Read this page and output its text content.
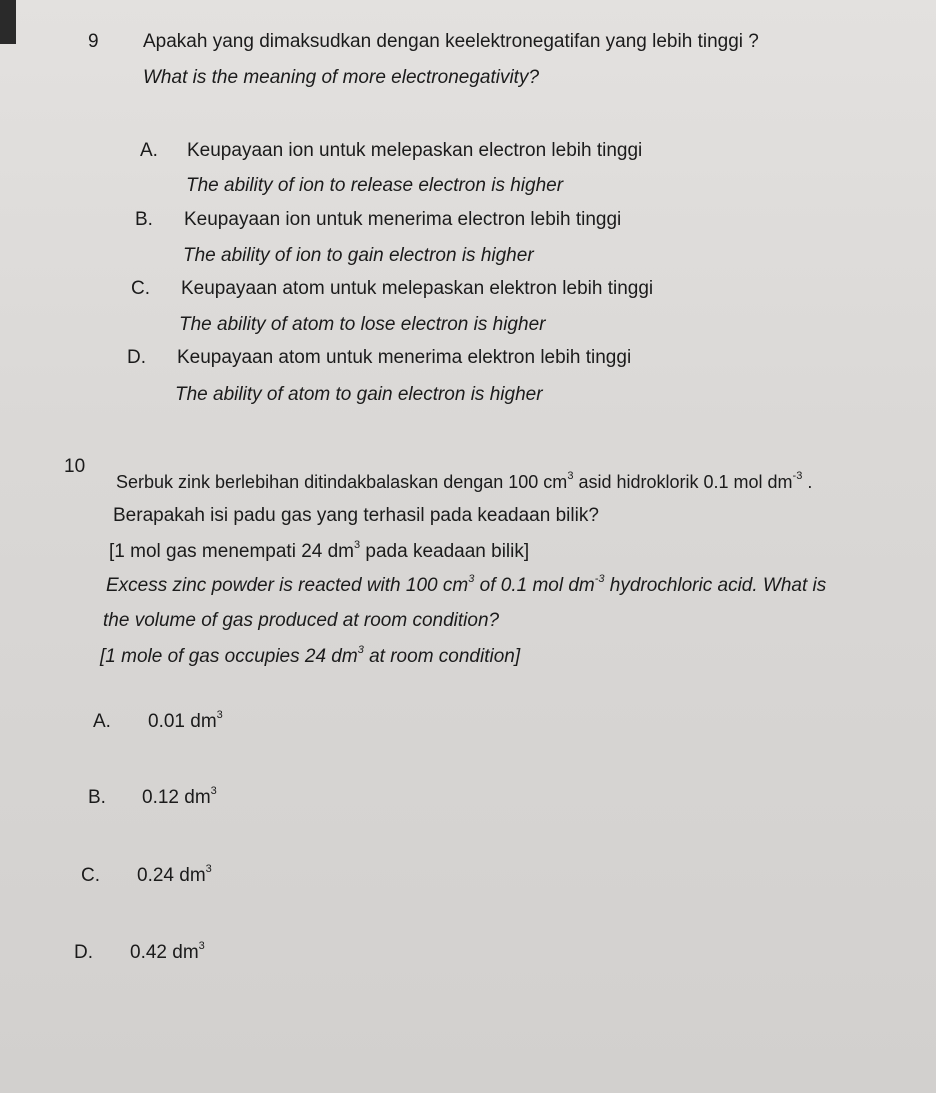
9 Apakah yang dimaksudkan dengan keelektronegatifan yang lebih tinggi ?
What is the meaning of more electronegativity?
A. Keupayaan ion untuk melepaskan electron lebih tinggi
The ability of ion to release electron is higher
B. Keupayaan ion untuk menerima electron lebih tinggi
The ability of ion to gain electron is higher
C. Keupayaan atom untuk melepaskan elektron lebih tinggi
The ability of atom to lose electron is higher
D. Keupayaan atom untuk menerima elektron lebih tinggi
The ability of atom to gain electron is higher
10
Serbuk zink berlebihan ditindakbalaskan dengan 100 $cm^3$ asid hidroklorik 0.1 mol $dm^{-3}$ .
Berapakah isi padu gas yang terhasil pada keadaan bilik?
[1 mol gas menempati 24 $dm^3$ pada keadaan bilik]
Excess zinc powder is reacted with 100 $cm^3$ of 0.1 mol $dm^{-3}$ hydrochloric acid. What is
the volume of gas produced at room condition?
[1 mole of gas occupies 24 $dm^3$ at room condition]
A. 0.01 $dm^3$
B. 0.12 $dm^3$
C. 0.24 $dm^3$
D. 0.42 $dm^3$
